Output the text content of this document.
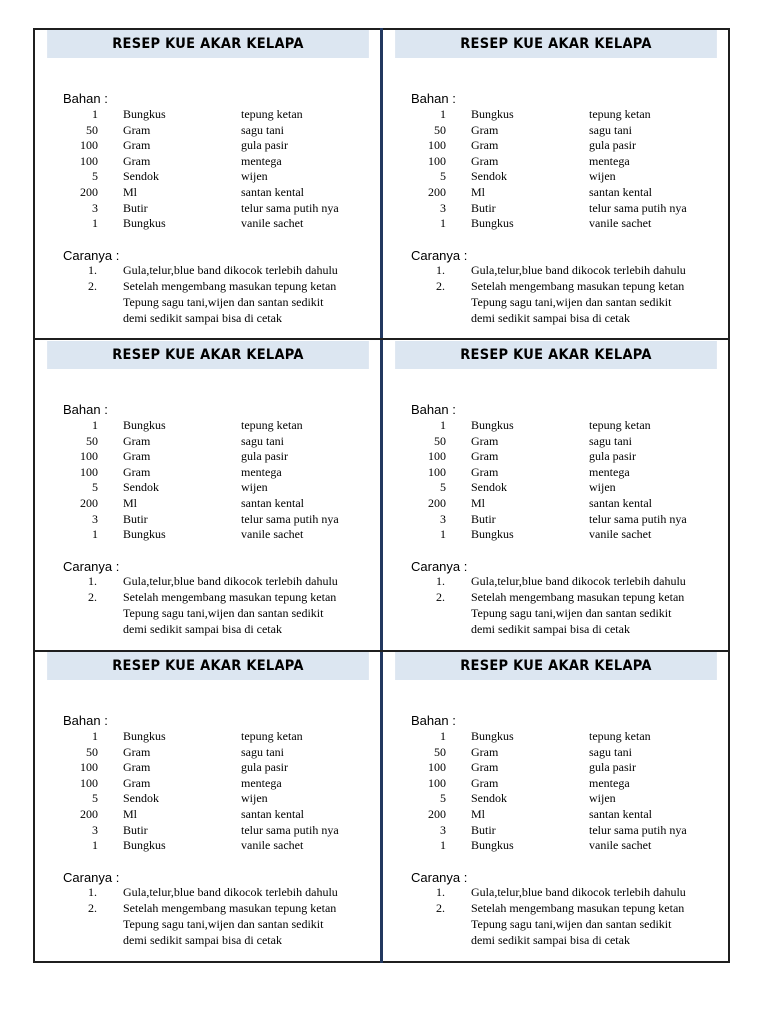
RESEP KUE AKAR KELAPA
Bahan :
1 Bungkus	tepung ketan
50 Gram	sagu tani
100 Gram	gula pasir
100 Gram	mentega
5 Sendok	wijen
200 Ml	santan kental
3 Butir	telur sama putih nya
1 Bungkus	vanile sachet
Caranya :
1. Gula,telur,blue band dikocok terlebih dahulu
2. Setelah mengembang masukan tepung ketan
Tepung sagu tani,wijen dan santan sedikit
demi sedikit sampai bisa di cetak
RESEP KUE AKAR KELAPA
Bahan :
1 Bungkus	tepung ketan
50 Gram	sagu tani
100 Gram	gula pasir
100 Gram	mentega
5 Sendok	wijen
200 Ml	santan kental
3 Butir	telur sama putih nya
1 Bungkus	vanile sachet
Caranya :
1. Gula,telur,blue band dikocok terlebih dahulu
2. Setelah mengembang masukan tepung ketan
Tepung sagu tani,wijen dan santan sedikit
demi sedikit sampai bisa di cetak
RESEP KUE AKAR KELAPA
Bahan :
1 Bungkus	tepung ketan
50 Gram	sagu tani
100 Gram	gula pasir
100 Gram	mentega
5 Sendok	wijen
200 Ml	santan kental
3 Butir	telur sama putih nya
1 Bungkus	vanile sachet
Caranya :
1. Gula,telur,blue band dikocok terlebih dahulu
2. Setelah mengembang masukan tepung ketan
Tepung sagu tani,wijen dan santan sedikit
demi sedikit sampai bisa di cetak
RESEP KUE AKAR KELAPA
Bahan :
1 Bungkus	tepung ketan
50 Gram	sagu tani
100 Gram	gula pasir
100 Gram	mentega
5 Sendok	wijen
200 Ml	santan kental
3 Butir	telur sama putih nya
1 Bungkus	vanile sachet
Caranya :
1. Gula,telur,blue band dikocok terlebih dahulu
2. Setelah mengembang masukan tepung ketan
Tepung sagu tani,wijen dan santan sedikit
demi sedikit sampai bisa di cetak
RESEP KUE AKAR KELAPA
Bahan :
1 Bungkus	tepung ketan
50 Gram	sagu tani
100 Gram	gula pasir
100 Gram	mentega
5 Sendok	wijen
200 Ml	santan kental
3 Butir	telur sama putih nya
1 Bungkus	vanile sachet
Caranya :
1. Gula,telur,blue band dikocok terlebih dahulu
2. Setelah mengembang masukan tepung ketan
Tepung sagu tani,wijen dan santan sedikit
demi sedikit sampai bisa di cetak
RESEP KUE AKAR KELAPA
Bahan :
1 Bungkus	tepung ketan
50 Gram	sagu tani
100 Gram	gula pasir
100 Gram	mentega
5 Sendok	wijen
200 Ml	santan kental
3 Butir	telur sama putih nya
1 Bungkus	vanile sachet
Caranya :
1. Gula,telur,blue band dikocok terlebih dahulu
2. Setelah mengembang masukan tepung ketan
Tepung sagu tani,wijen dan santan sedikit
demi sedikit sampai bisa di cetak
